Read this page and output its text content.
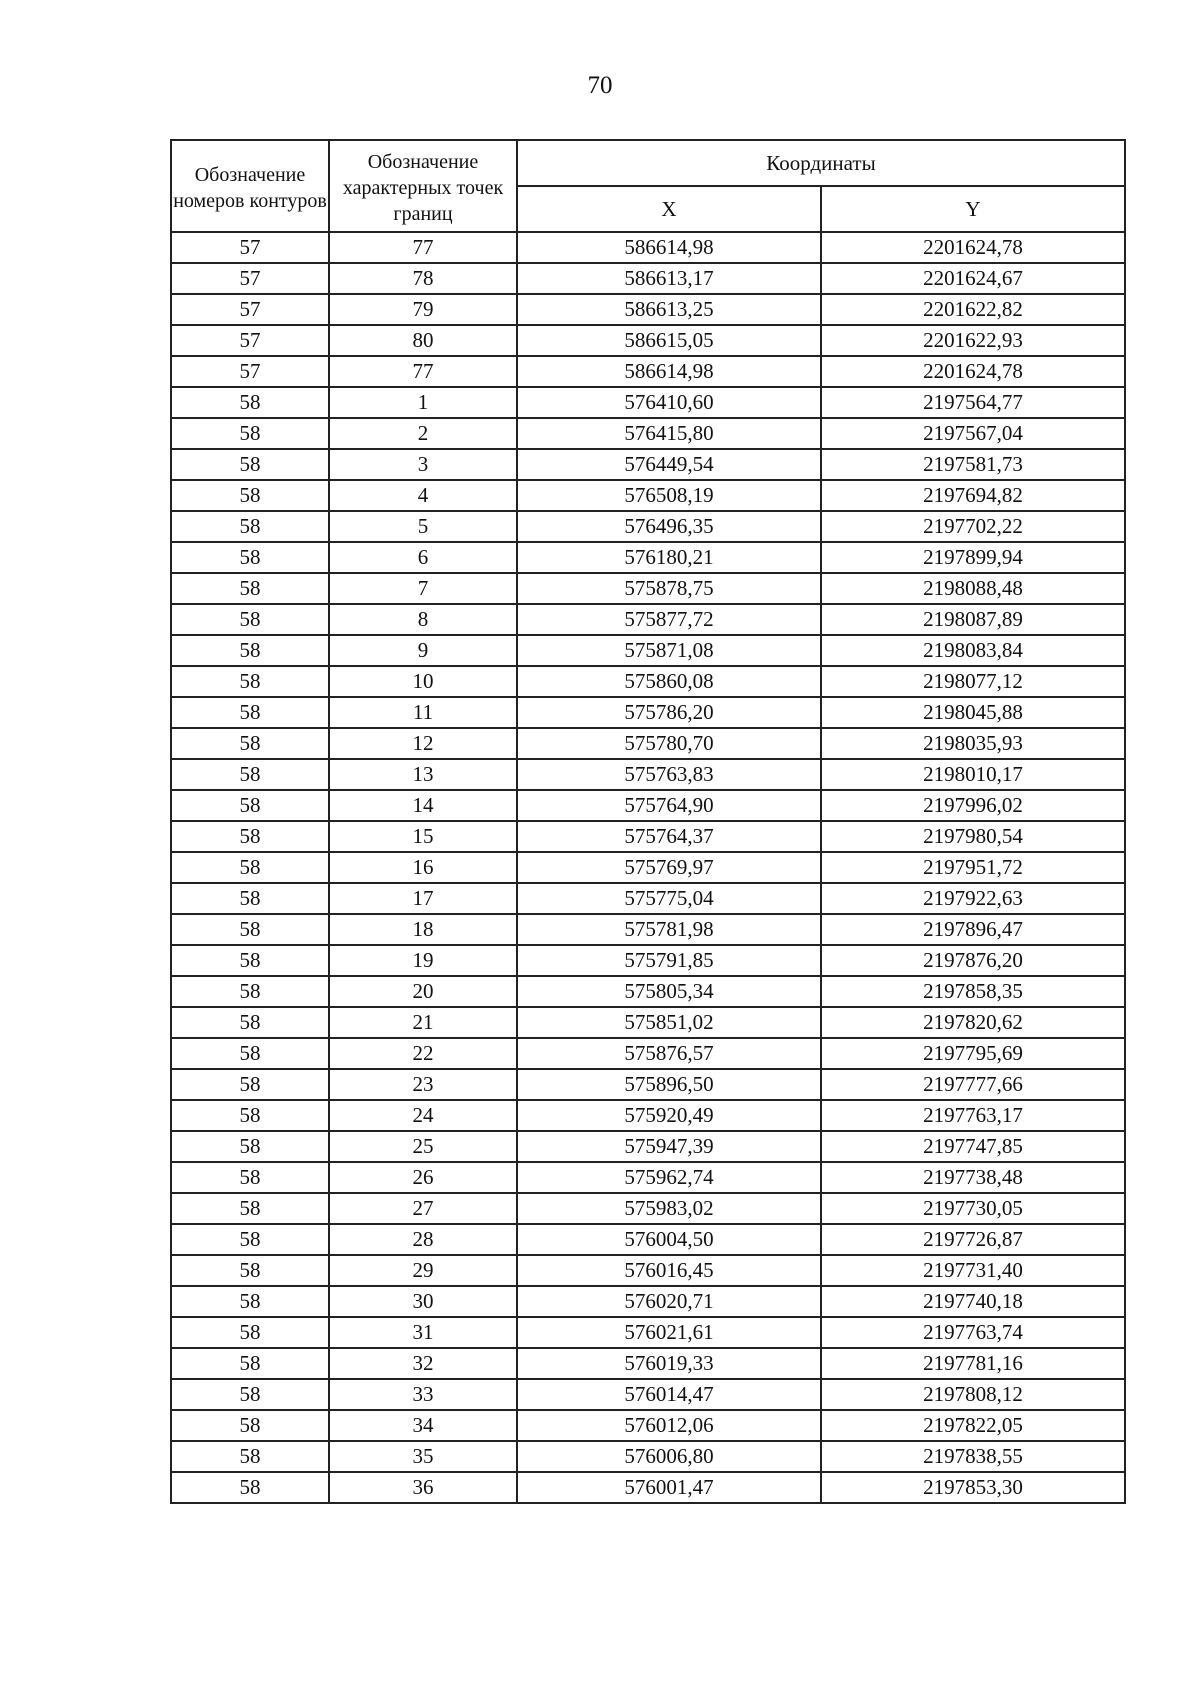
70
Обозначение номеров контуров	Обозначение характерных точек границ	Координаты	
		X	Y
57	77	586614,98	2201624,78
57	78	586613,17	2201624,67
57	79	586613,25	2201622,82
57	80	586615,05	2201622,93
57	77	586614,98	2201624,78
58	1	576410,60	2197564,77
58	2	576415,80	2197567,04
58	3	576449,54	2197581,73
58	4	576508,19	2197694,82
58	5	576496,35	2197702,22
58	6	576180,21	2197899,94
58	7	575878,75	2198088,48
58	8	575877,72	2198087,89
58	9	575871,08	2198083,84
58	10	575860,08	2198077,12
58	11	575786,20	2198045,88
58	12	575780,70	2198035,93
58	13	575763,83	2198010,17
58	14	575764,90	2197996,02
58	15	575764,37	2197980,54
58	16	575769,97	2197951,72
58	17	575775,04	2197922,63
58	18	575781,98	2197896,47
58	19	575791,85	2197876,20
58	20	575805,34	2197858,35
58	21	575851,02	2197820,62
58	22	575876,57	2197795,69
58	23	575896,50	2197777,66
58	24	575920,49	2197763,17
58	25	575947,39	2197747,85
58	26	575962,74	2197738,48
58	27	575983,02	2197730,05
58	28	576004,50	2197726,87
58	29	576016,45	2197731,40
58	30	576020,71	2197740,18
58	31	576021,61	2197763,74
58	32	576019,33	2197781,16
58	33	576014,47	2197808,12
58	34	576012,06	2197822,05
58	35	576006,80	2197838,55
58	36	576001,47	2197853,30
